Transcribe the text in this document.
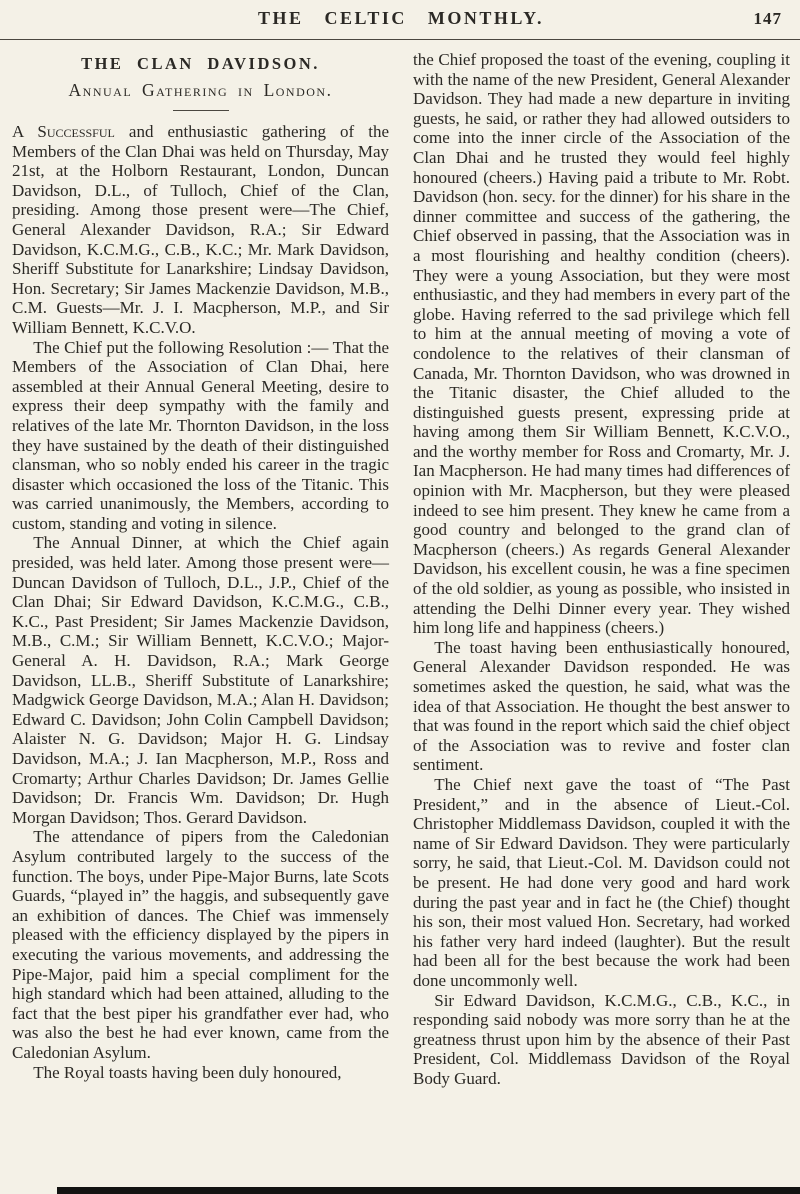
THE CELTIC MONTHLY.	147
THE CLAN DAVIDSON.
Annual Gathering in London.

A Successful and enthusiastic gathering of the Members of the Clan Dhai was held on Thursday, May 21st, at the Holborn Restaurant, London, Duncan Davidson, D.L., of Tulloch, Chief of the Clan, presiding. Among those present were—The Chief, General Alexander Davidson, R.A.; Sir Edward Davidson, K.C.M.G., C.B., K.C.; Mr. Mark Davidson, Sheriff Substitute for Lanarkshire; Lindsay Davidson, Hon. Secretary; Sir James Mackenzie Davidson, M.B., C.M. Guests—Mr. J. I. Macpherson, M.P., and Sir William Bennett, K.C.V.O.

The Chief put the following Resolution :— That the Members of the Association of Clan Dhai, here assembled at their Annual General Meeting, desire to express their deep sympathy with the family and relatives of the late Mr. Thornton Davidson, in the loss they have sustained by the death of their distinguished clansman, who so nobly ended his career in the tragic disaster which occasioned the loss of the Titanic. This was carried unanimously, the Members, according to custom, standing and voting in silence.

The Annual Dinner, at which the Chief again presided, was held later. Among those present were—Duncan Davidson of Tulloch, D.L., J.P., Chief of the Clan Dhai; Sir Edward Davidson, K.C.M.G., C.B., K.C., Past President; Sir James Mackenzie Davidson, M.B., C.M.; Sir William Bennett, K.C.V.O.; Major-General A. H. Davidson, R.A.; Mark George Davidson, LL.B., Sheriff Substitute of Lanarkshire; Madgwick George Davidson, M.A.; Alan H. Davidson; Edward C. Davidson; John Colin Campbell Davidson; Alaister N. G. Davidson; Major H. G. Lindsay Davidson, M.A.; J. Ian Macpherson, M.P., Ross and Cromarty; Arthur Charles Davidson; Dr. James Gellie Davidson; Dr. Francis Wm. Davidson; Dr. Hugh Morgan Davidson; Thos. Gerard Davidson.

The attendance of pipers from the Caledonian Asylum contributed largely to the success of the function. The boys, under Pipe-Major Burns, late Scots Guards, “played in” the haggis, and subsequently gave an exhibition of dances. The Chief was immensely pleased with the efficiency displayed by the pipers in executing the various movements, and addressing the Pipe-Major, paid him a special compliment for the high standard which had been attained, alluding to the fact that the best piper his grandfather ever had, who was also the best he had ever known, came from the Caledonian Asylum.

The Royal toasts having been duly honoured,

the Chief proposed the toast of the evening, coupling it with the name of the new President, General Alexander Davidson. They had made a new departure in inviting guests, he said, or rather they had allowed outsiders to come into the inner circle of the Association of the Clan Dhai and he trusted they would feel highly honoured (cheers.) Having paid a tribute to Mr. Robt. Davidson (hon. secy. for the dinner) for his share in the dinner committee and success of the gathering, the Chief observed in passing, that the Association was in a most flourishing and healthy condition (cheers). They were a young Association, but they were most enthusiastic, and they had members in every part of the globe. Having referred to the sad privilege which fell to him at the annual meeting of moving a vote of condolence to the relatives of their clansman of Canada, Mr. Thornton Davidson, who was drowned in the Titanic disaster, the Chief alluded to the distinguished guests present, expressing pride at having among them Sir William Bennett, K.C.V.O., and the worthy member for Ross and Cromarty, Mr. J. Ian Macpherson. He had many times had differences of opinion with Mr. Macpherson, but they were pleased indeed to see him present. They knew he came from a good country and belonged to the grand clan of Macpherson (cheers.) As regards General Alexander Davidson, his excellent cousin, he was a fine specimen of the old soldier, as young as possible, who insisted in attending the Delhi Dinner every year. They wished him long life and happiness (cheers.)

The toast having been enthusiastically honoured, General Alexander Davidson responded. He was sometimes asked the question, he said, what was the idea of that Association. He thought the best answer to that was found in the report which said the chief object of the Association was to revive and foster clan sentiment.

The Chief next gave the toast of “The Past President,” and in the absence of Lieut.-Col. Christopher Middlemass Davidson, coupled it with the name of Sir Edward Davidson. They were particularly sorry, he said, that Lieut.-Col. M. Davidson could not be present. He had done very good and hard work during the past year and in fact he (the Chief) thought his son, their most valued Hon. Secretary, had worked his father very hard indeed (laughter). But the result had been all for the best because the work had been done uncommonly well.

Sir Edward Davidson, K.C.M.G., C.B., K.C., in responding said nobody was more sorry than he at the greatness thrust upon him by the absence of their Past President, Col. Middlemass Davidson of the Royal Body Guard.
